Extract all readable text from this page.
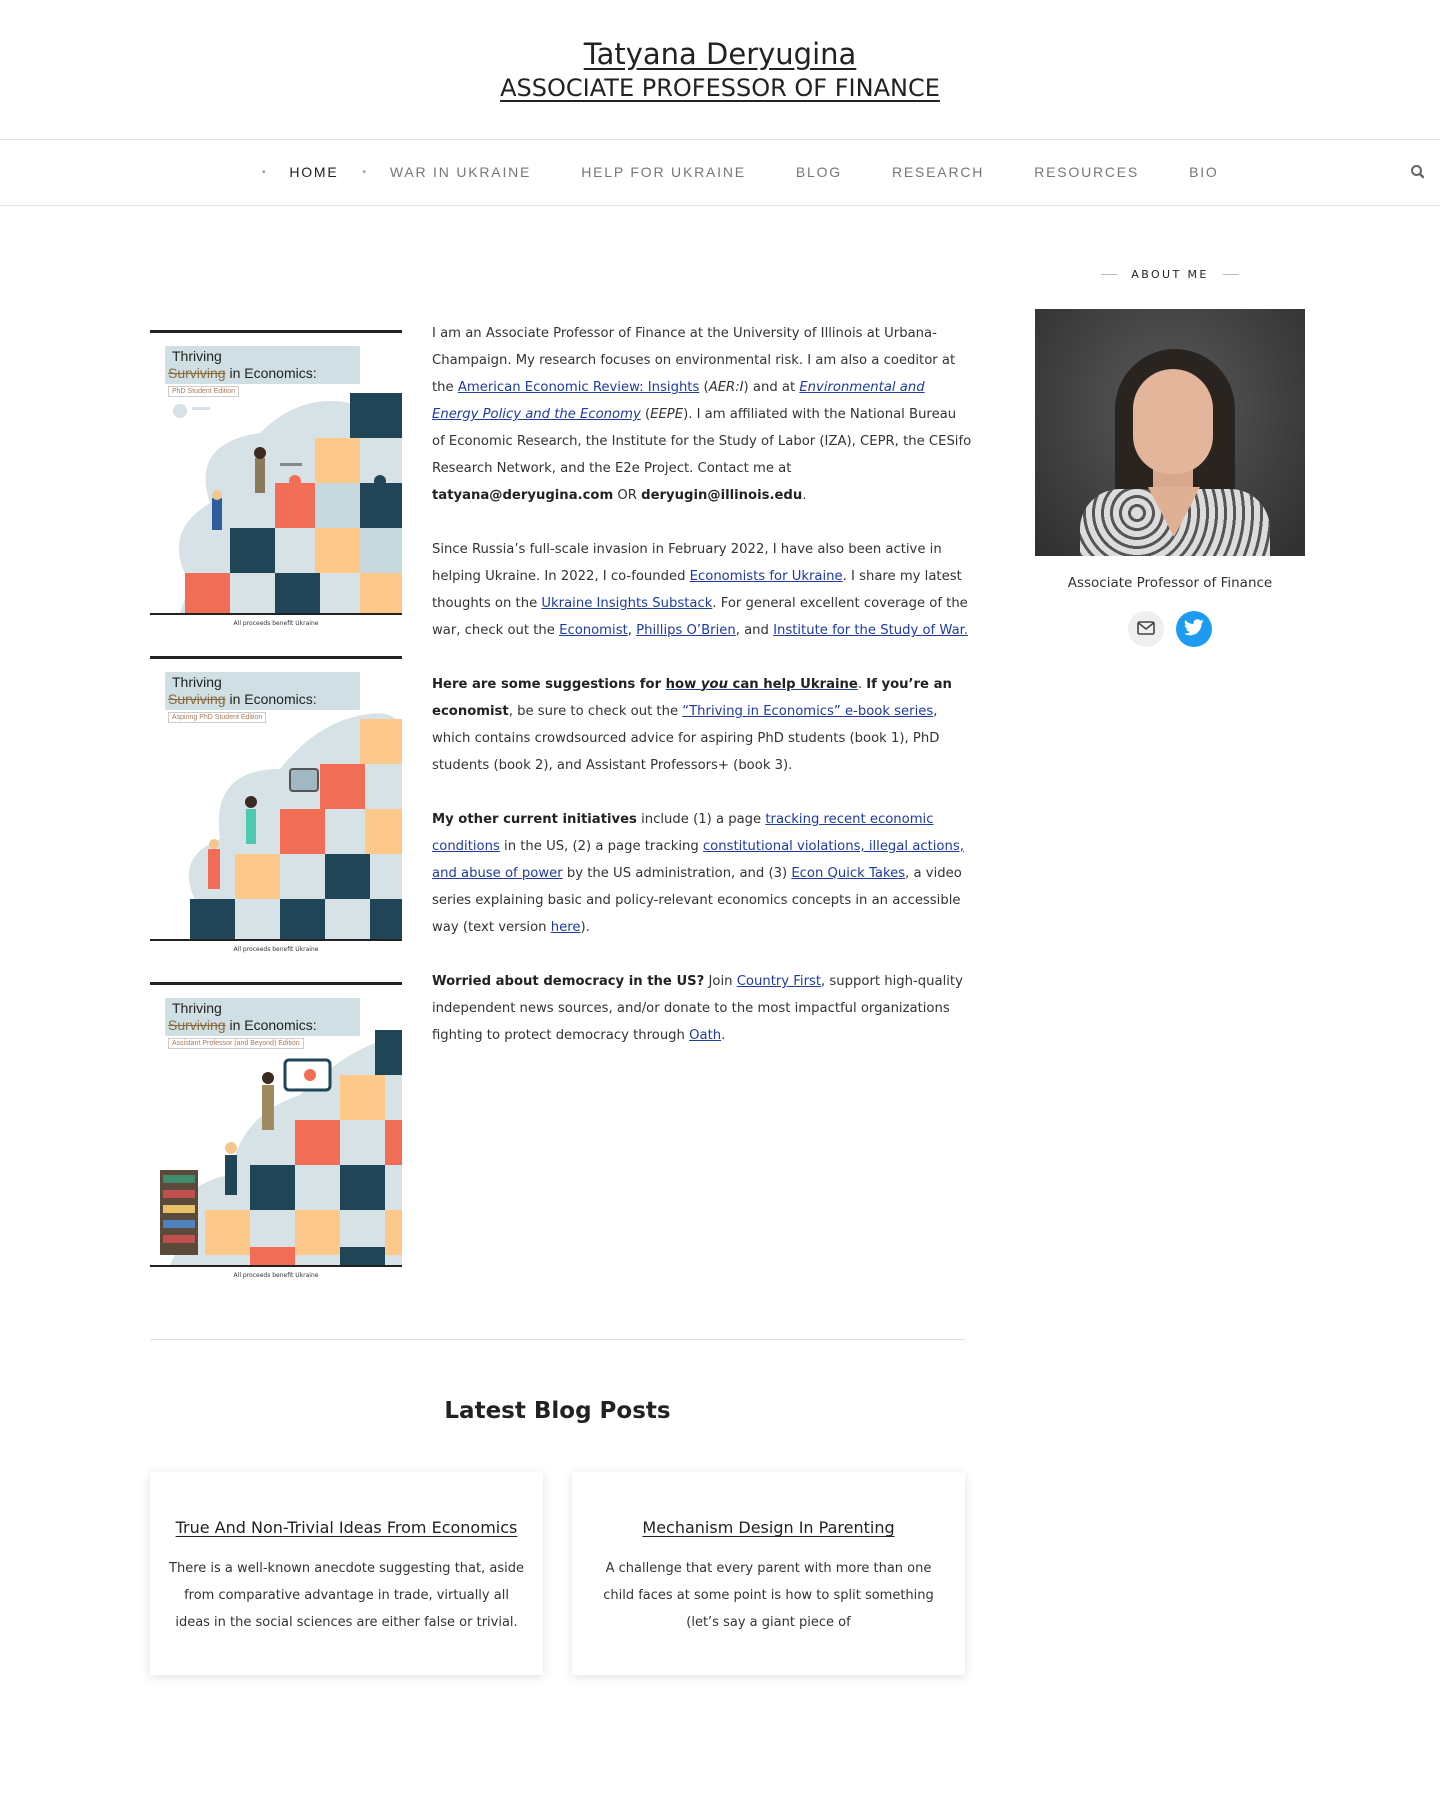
Tatyana Deryugina
ASSOCIATE PROFESSOR OF FINANCE
• HOME • WAR IN UKRAINE	HELP FOR UKRAINE	BLOG	RESEARCH	RESOURCES	BIO
Thriving
Surviving in Economics:
PhD Student Edition
All proceeds benefit Ukraine
Thriving
Surviving in Economics:
Aspiring PhD Student Edition
All proceeds benefit Ukraine
Thriving
Surviving in Economics:
Assistant Professor (and Beyond) Edition
All proceeds benefit Ukraine

I am an Associate Professor of Finance at the University of Illinois at Urbana-Champaign. My research focuses on environmental risk. I am also a coeditor at the American Economic Review: Insights (AER:I) and at Environmental and Energy Policy and the Economy (EEPE). I am affiliated with the National Bureau of Economic Research, the Institute for the Study of Labor (IZA), CEPR, the CESifo Research Network, and the E2e Project. Contact me at tatyana@deryugina.com OR deryugin@illinois.edu.

Since Russia’s full-scale invasion in February 2022, I have also been active in helping Ukraine. In 2022, I co-founded Economists for Ukraine. I share my latest thoughts on the Ukraine Insights Substack. For general excellent coverage of the war, check out the Economist, Phillips O’Brien, and Institute for the Study of War.

Here are some suggestions for how you can help Ukraine. If you’re an economist, be sure to check out the “Thriving in Economics” e-book series, which contains crowdsourced advice for aspiring PhD students (book 1), PhD students (book 2), and Assistant Professors+ (book 3).

My other current initiatives include (1) a page tracking recent economic conditions in the US, (2) a page tracking constitutional violations, illegal actions, and abuse of power by the US administration, and (3) Econ Quick Takes, a video series explaining basic and policy-relevant economics concepts in an accessible way (text version here).

Worried about democracy in the US? Join Country First, support high-quality independent news sources, and/or donate to the most impactful organizations fighting to protect democracy through Oath.

Latest Blog Posts
True And Non-Trivial Ideas From Economics

There is a well-known anecdote suggesting that, aside from comparative advantage in trade, virtually all ideas in the social sciences are either false or trivial.

Mechanism Design In Parenting

A challenge that every parent with more than one child faces at some point is how to split something (let’s say a giant piece of

ABOUT ME
Associate Professor of Finance
